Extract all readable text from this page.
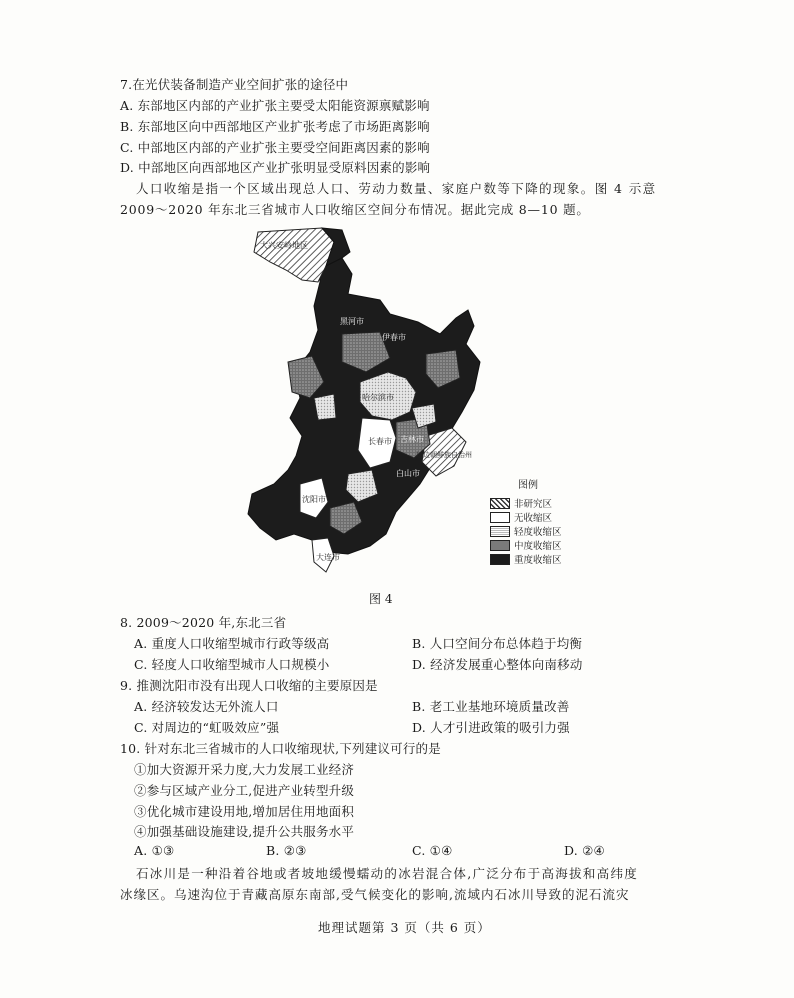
7.在光伏装备制造产业空间扩张的途径中
A. 东部地区内部的产业扩张主要受太阳能资源禀赋影响
B. 东部地区向中西部地区产业扩张考虑了市场距离影响
C. 中部地区内部的产业扩张主要受空间距离因素的影响
D. 中部地区向西部地区产业扩张明显受原料因素的影响
人口收缩是指一个区域出现总人口、劳动力数量、家庭户数等下降的现象。图 4 示意
2009～2020 年东北三省城市人口收缩区空间分布情况。据此完成 8—10 题。
大兴安岭地区
黑河市
伊春市
哈尔滨市
长春市
延边朝鲜族自治州
沈阳市
大连市
白山市
吉林市
图例
非研究区
无收缩区
轻度收缩区
中度收缩区
重度收缩区
图 4
8. 2009～2020 年,东北三省
A. 重度人口收缩型城市行政等级高	B. 人口空间分布总体趋于均衡
C. 轻度人口收缩型城市人口规模小	D. 经济发展重心整体向南移动
9. 推测沈阳市没有出现人口收缩的主要原因是
A. 经济较发达无外流人口	B. 老工业基地环境质量改善
C. 对周边的“虹吸效应”强	D. 人才引进政策的吸引力强
10. 针对东北三省城市的人口收缩现状,下列建议可行的是
①加大资源开采力度,大力发展工业经济
②参与区域产业分工,促进产业转型升级
③优化城市建设用地,增加居住用地面积
④加强基础设施建设,提升公共服务水平
A. ①③	B. ②③	C. ①④	D. ②④
石冰川是一种沿着谷地或者坡地缓慢蠕动的冰岩混合体,广泛分布于高海拔和高纬度
冰缘区。乌速沟位于青藏高原东南部,受气候变化的影响,流域内石冰川导致的泥石流灾
地理试题第 3 页（共 6 页）
